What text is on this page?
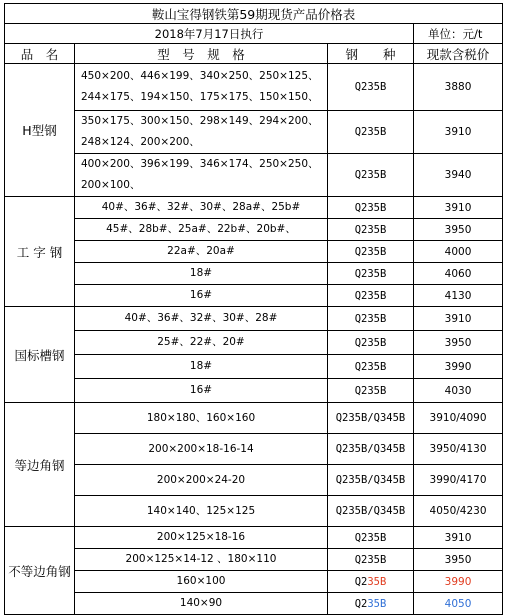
鞍山宝得钢铁第59期现货产品价格表			
2018年7月17日执行			单位：元/t
品　名	型　号　规　格	钢　　种	现款含税价
H型钢	450×200、446×199、340×250、250×125、
244×175、194×150、175×175、150×150、	Q235B	3880

	350×175、300×150、298×149、294×200、
248×124、200×200、	Q235B	3910

	400×200、396×199、346×174、250×250、
200×100、	Q235B	3940
工 字 钢	40#、36#、32#、30#、28a#、25b#	Q235B	3910

	45#、28b#、25a#、22b#、20b#、	Q235B	3950

	22a#、20a#	Q235B	4000

	18#	Q235B	4060

	16#	Q235B	4130
国标槽钢	40#、36#、32#、30#、28#	Q235B	3910

	25#、22#、20#	Q235B	3950

	18#	Q235B	3990

	16#	Q235B	4030
等边角钢	180×180、160×160	Q235B/Q345B	3910/4090

	200×200×18-16-14	Q235B/Q345B	3950/4130

	200×200×24-20	Q235B/Q345B	3990/4170

	140×140、125×125	Q235B/Q345B	4050/4230
不等边角钢	200×125×18-16	Q235B	3910

	200×125×14-12 、180×110	Q235B	3950

	160×100	Q235B	3990

	140×90	Q235B	4050
